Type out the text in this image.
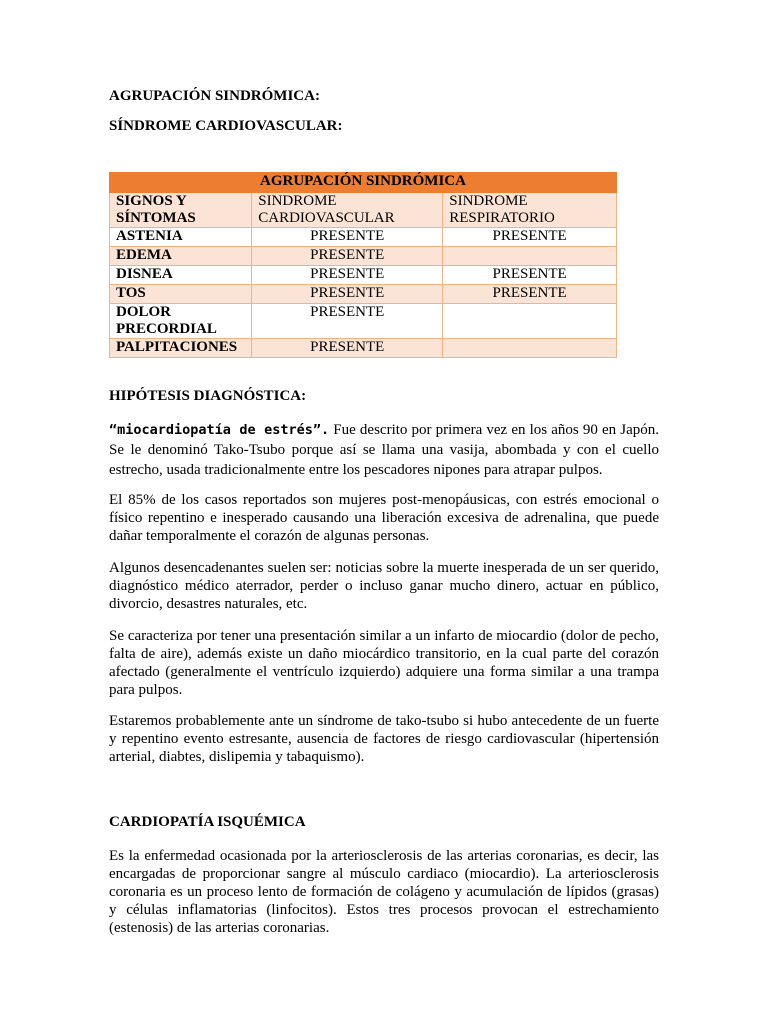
AGRUPACIÓN SINDRÓMICA:
SÍNDROME CARDIOVASCULAR:
AGRUPACIÓN SINDRÓMICA		
SIGNOS Y SÍNTOMAS	SINDROME CARDIOVASCULAR	SINDROME RESPIRATORIO
ASTENIA	PRESENTE	PRESENTE
EDEMA	PRESENTE	
DISNEA	PRESENTE	PRESENTE
TOS	PRESENTE	PRESENTE
DOLOR PRECORDIAL	PRESENTE	
PALPITACIONES	PRESENTE	
HIPÓTESIS DIAGNÓSTICA:
“miocardiopatía de estrés”. Fue descrito por primera vez en los años 90 en Japón. Se le denominó Tako-Tsubo porque así se llama una vasija, abombada y con el cuello estrecho, usada tradicionalmente entre los pescadores nipones para atrapar pulpos.
El 85% de los casos reportados son mujeres post-menopáusicas, con estrés emocional o físico repentino e inesperado causando una liberación excesiva de adrenalina, que puede dañar temporalmente el corazón de algunas personas.
Algunos desencadenantes suelen ser: noticias sobre la muerte inesperada de un ser querido, diagnóstico médico aterrador, perder o incluso ganar mucho dinero, actuar en público, divorcio, desastres naturales, etc.
Se caracteriza por tener una presentación similar a un infarto de miocardio (dolor de pecho, falta de aire), además existe un daño miocárdico transitorio, en la cual parte del corazón afectado (generalmente el ventrículo izquierdo) adquiere una forma similar a una trampa para pulpos.
Estaremos probablemente ante un síndrome de tako-tsubo si hubo antecedente de un fuerte y repentino evento estresante, ausencia de factores de riesgo cardiovascular (hipertensión arterial, diabtes, dislipemia y tabaquismo).
CARDIOPATÍA ISQUÉMICA
Es la enfermedad ocasionada por la arteriosclerosis de las arterias coronarias, es decir, las encargadas de proporcionar sangre al músculo cardiaco (miocardio). La arteriosclerosis coronaria es un proceso lento de formación de colágeno y acumulación de lípidos (grasas) y células inflamatorias (linfocitos). Estos tres procesos provocan el estrechamiento (estenosis) de las arterias coronarias.
